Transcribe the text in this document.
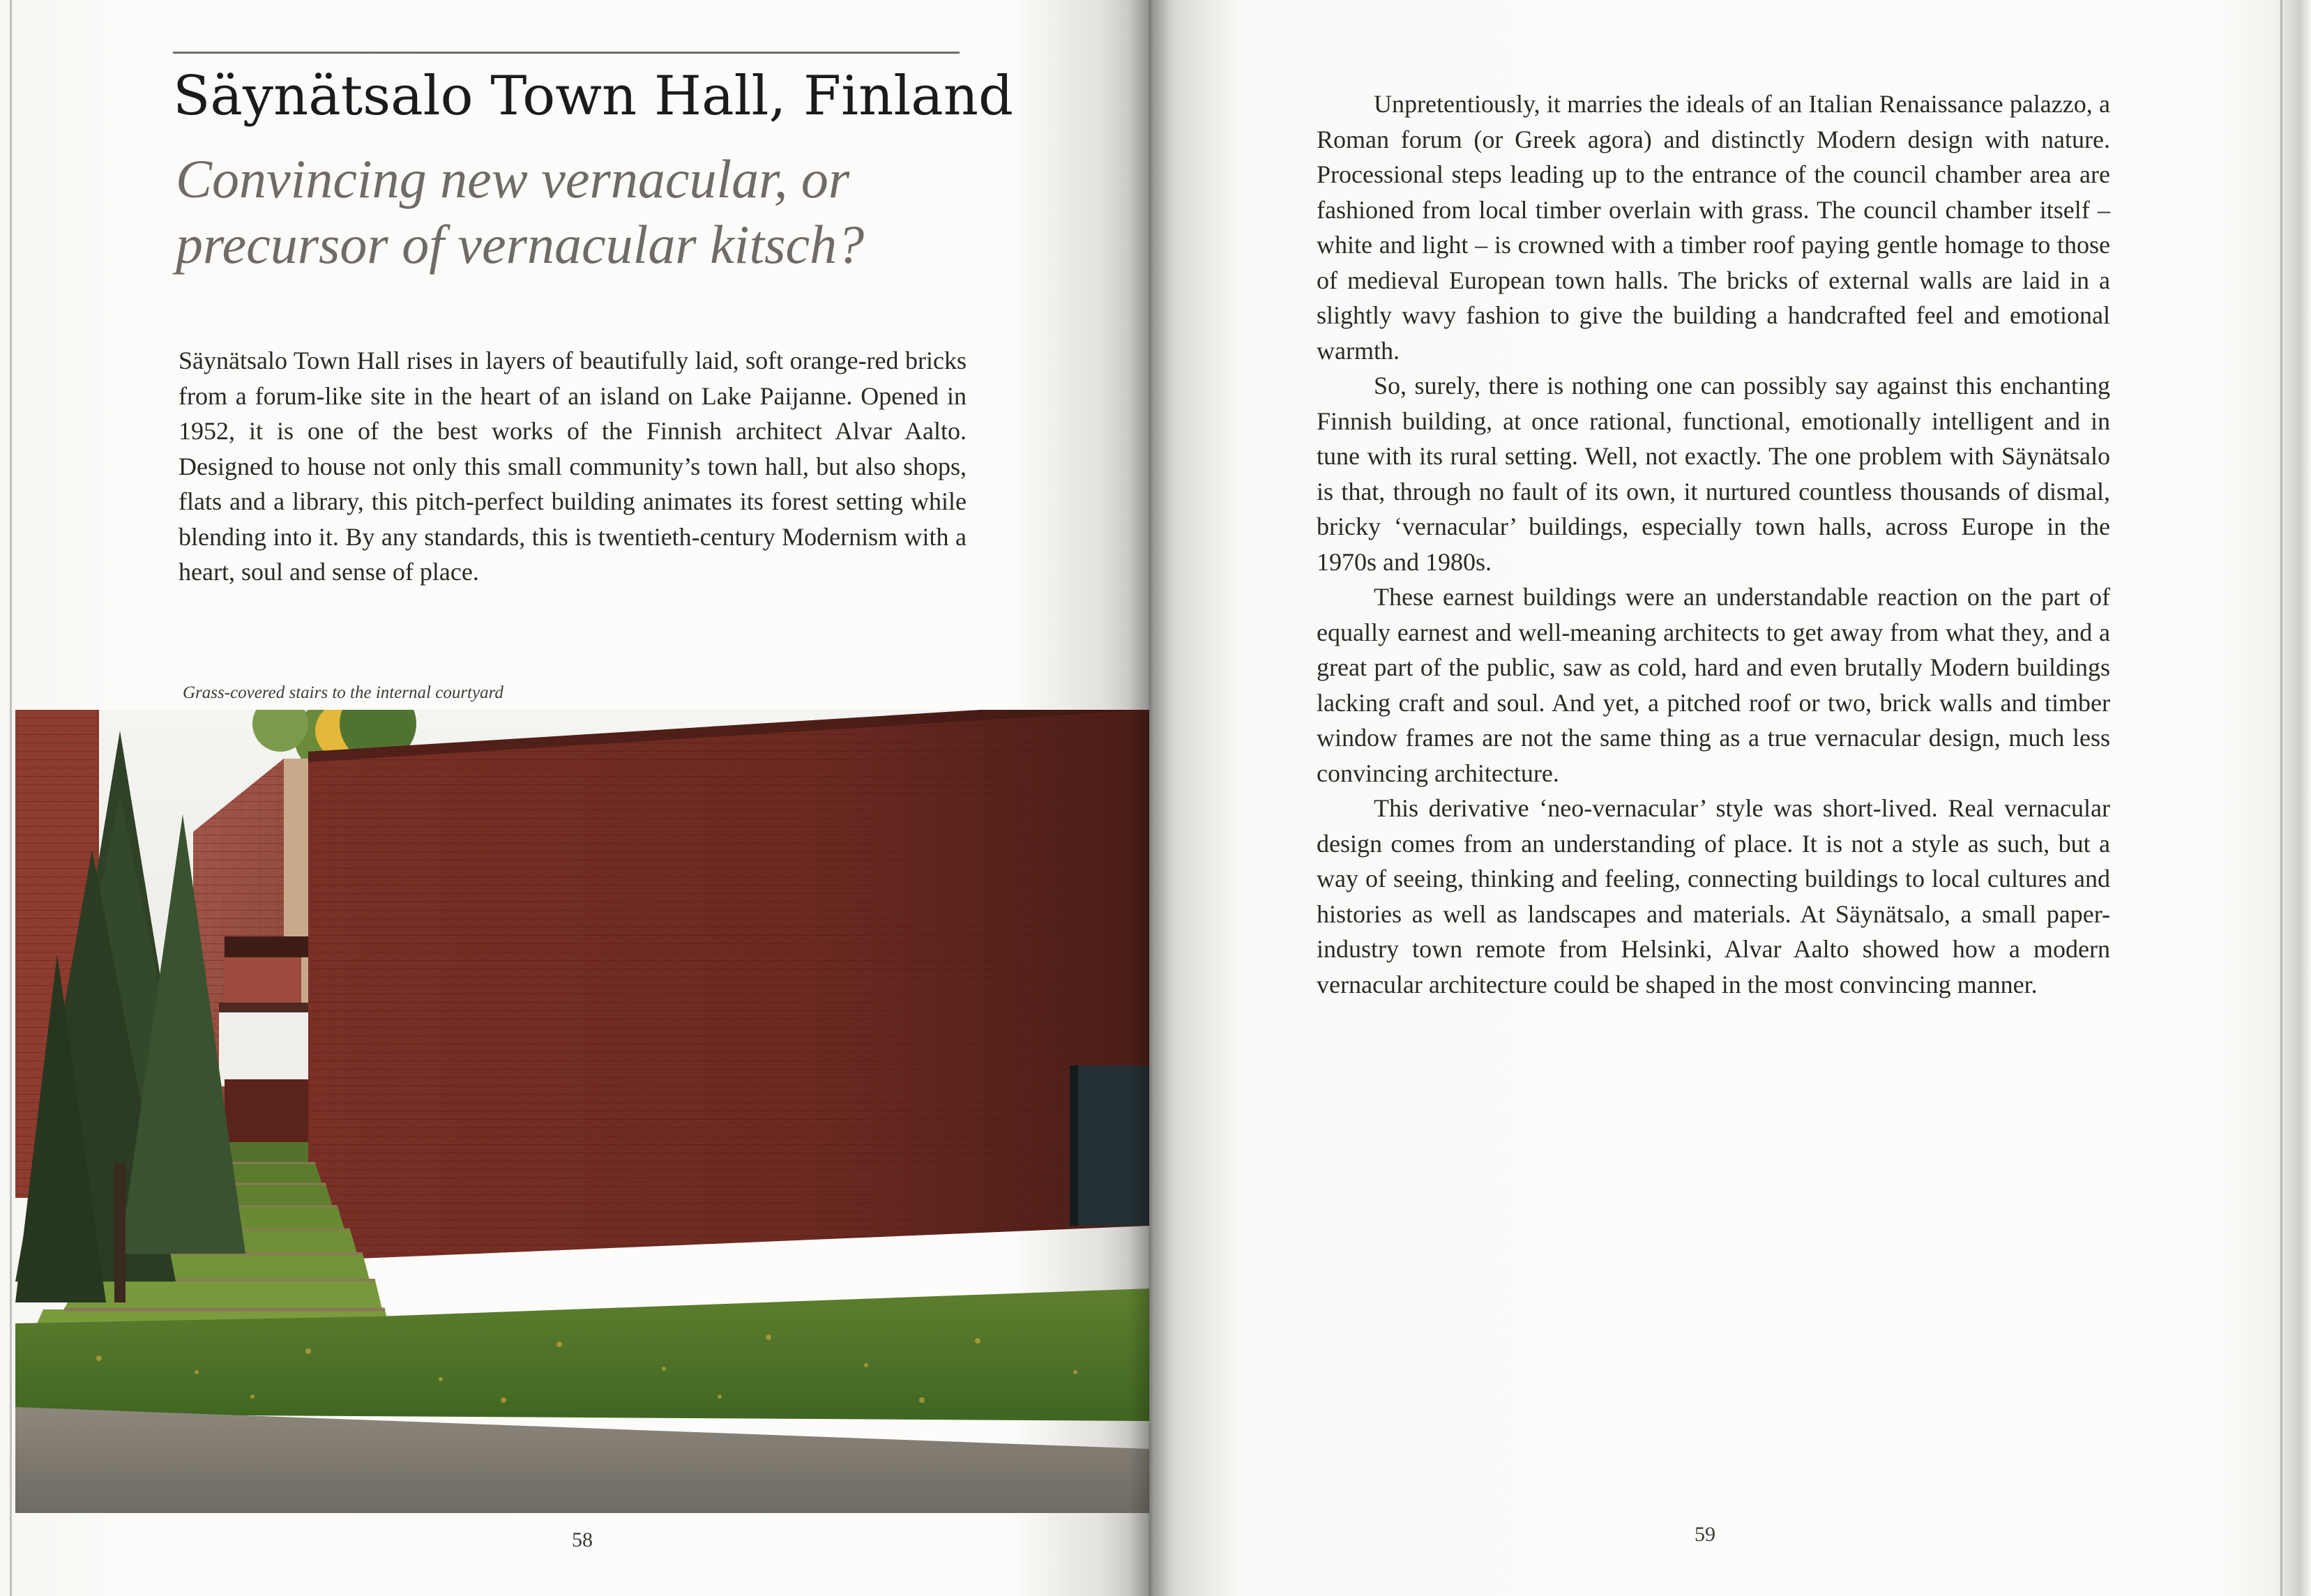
Säynätsalo Town Hall, Finland
Convincing new vernacular, or precursor of vernacular kitsch?
Säynätsalo Town Hall rises in layers of beautifully laid, soft orange-red bricks from a forum-like site in the heart of an island on Lake Paijanne. Opened in 1952, it is one of the best works of the Finnish architect Alvar Aalto. Designed to house not only this small community’s town hall, but also shops, flats and a library, this pitch-perfect building animates its forest setting while blending into it. By any standards, this is twentieth-century Modernism with a heart, soul and sense of place.
Grass-covered stairs to the internal courtyard
58

Unpretentiously, it marries the ideals of an Italian Renaissance palazzo, a Roman forum (or Greek agora) and distinctly Modern design with nature. Processional steps leading up to the entrance of the council chamber area are fashioned from local timber overlain with grass. The council chamber itself – white and light – is crowned with a timber roof paying gentle homage to those of medieval European town halls. The bricks of external walls are laid in a slightly wavy fashion to give the building a handcrafted feel and emotional warmth.

So, surely, there is nothing one can possibly say against this enchanting Finnish building, at once rational, functional, emotionally intelligent and in tune with its rural setting. Well, not exactly. The one problem with Säynätsalo is that, through no fault of its own, it nurtured countless thousands of dismal, bricky ‘vernacular’ buildings, especially town halls, across Europe in the 1970s and 1980s.

These earnest buildings were an understandable reaction on the part of equally earnest and well-meaning architects to get away from what they, and a great part of the public, saw as cold, hard and even brutally Modern buildings lacking craft and soul. And yet, a pitched roof or two, brick walls and timber window frames are not the same thing as a true vernacular design, much less convincing architecture.

This derivative ‘neo-vernacular’ style was short-lived. Real vernacular design comes from an understanding of place. It is not a style as such, but a way of seeing, thinking and feeling, connecting buildings to local cultures and histories as well as landscapes and materials. At Säynätsalo, a small paper-industry town remote from Helsinki, Alvar Aalto showed how a modern vernacular architecture could be shaped in the most convincing manner.

59
